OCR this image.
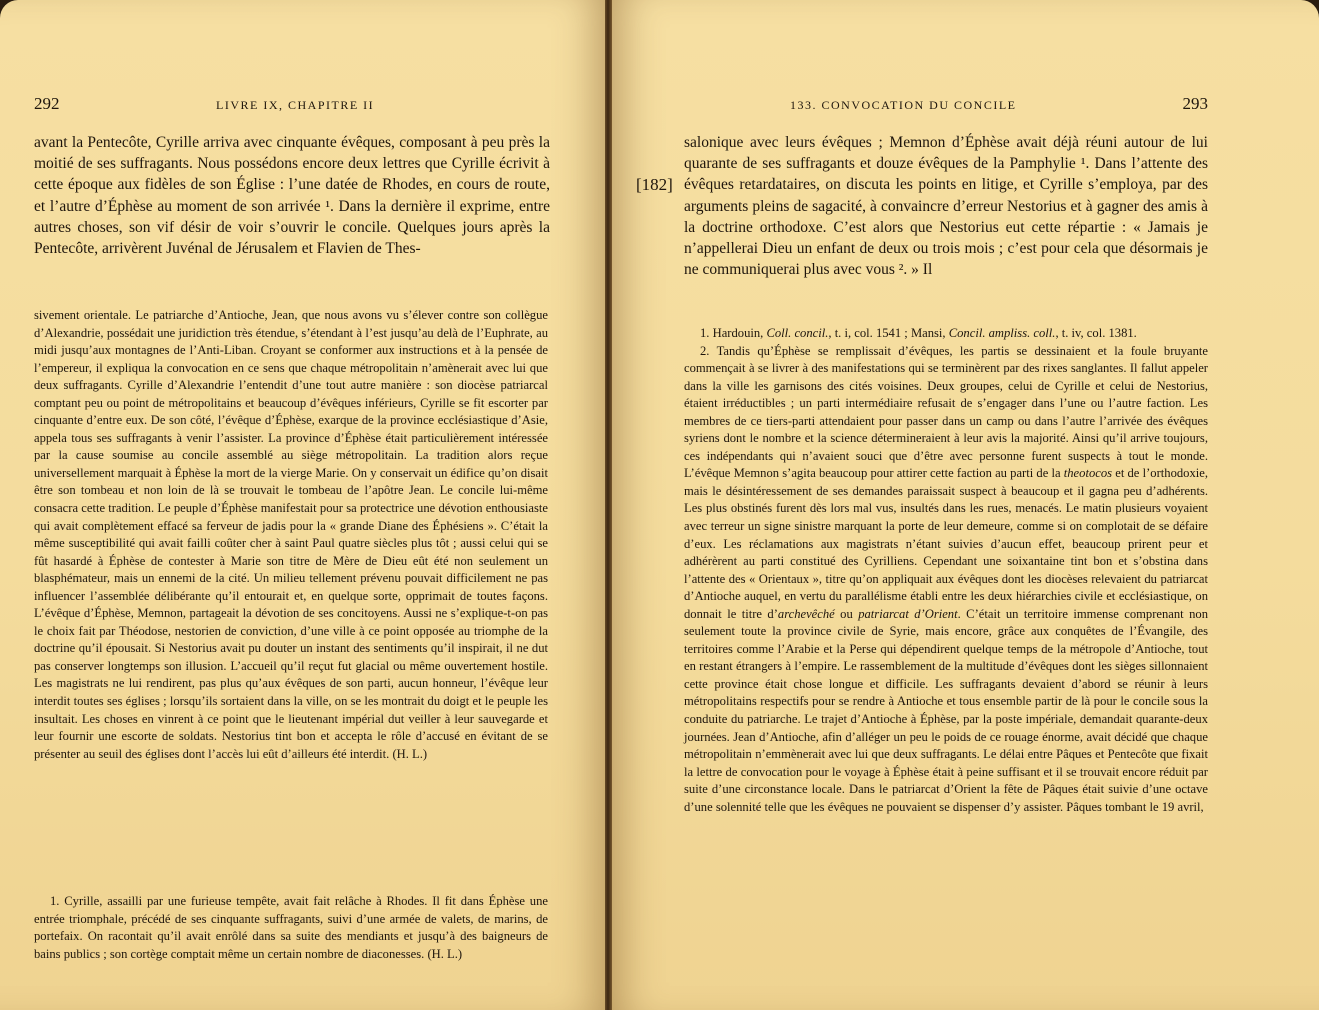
292	LIVRE IX, CHAPITRE II

avant la Pentecôte, Cyrille arriva avec cinquante évêques, composant à peu près la moitié de ses suffragants. Nous possédons encore deux lettres que Cyrille écrivit à cette époque aux fidèles de son Église : l’une datée de Rhodes, en cours de route, et l’autre d’Éphèse au moment de son arrivée ¹. Dans la dernière il exprime, entre autres choses, son vif désir de voir s’ouvrir le concile. Quelques jours après la Pentecôte, arrivèrent Juvénal de Jérusalem et Flavien de Thes-

sivement orientale. Le patriarche d’Antioche, Jean, que nous avons vu s’élever contre son collègue d’Alexandrie, possédait une juridiction très étendue, s’étendant à l’est jusqu’au delà de l’Euphrate, au midi jusqu’aux montagnes de l’Anti-Liban. Croyant se conformer aux instructions et à la pensée de l’empereur, il expliqua la convocation en ce sens que chaque métropolitain n’amènerait avec lui que deux suffragants. Cyrille d’Alexandrie l’entendit d’une tout autre manière : son diocèse patriarcal comptant peu ou point de métropolitains et beaucoup d’évêques inférieurs, Cyrille se fit escorter par cinquante d’entre eux. De son côté, l’évêque d’Éphèse, exarque de la province ecclésiastique d’Asie, appela tous ses suffragants à venir l’assister. La province d’Éphèse était particulièrement intéressée par la cause soumise au concile assemblé au siège métropolitain. La tradition alors reçue universellement marquait à Éphèse la mort de la vierge Marie. On y conservait un édifice qu’on disait être son tombeau et non loin de là se trouvait le tombeau de l’apôtre Jean. Le concile lui-même consacra cette tradition. Le peuple d’Éphèse manifestait pour sa protectrice une dévotion enthousiaste qui avait complètement effacé sa ferveur de jadis pour la « grande Diane des Éphésiens ». C’était la même susceptibilité qui avait failli coûter cher à saint Paul quatre siècles plus tôt ; aussi celui qui se fût hasardé à Éphèse de contester à Marie son titre de Mère de Dieu eût été non seulement un blasphémateur, mais un ennemi de la cité. Un milieu tellement prévenu pouvait difficilement ne pas influencer l’assemblée délibérante qu’il entourait et, en quelque sorte, opprimait de toutes façons. L’évêque d’Éphèse, Memnon, partageait la dévotion de ses concitoyens. Aussi ne s’explique-t-on pas le choix fait par Théodose, nestorien de conviction, d’une ville à ce point opposée au triomphe de la doctrine qu’il épousait. Si Nestorius avait pu douter un instant des sentiments qu’il inspirait, il ne dut pas conserver longtemps son illusion. L’accueil qu’il reçut fut glacial ou même ouvertement hostile. Les magistrats ne lui rendirent, pas plus qu’aux évêques de son parti, aucun honneur, l’évêque leur interdit toutes ses églises ; lorsqu’ils sortaient dans la ville, on se les montrait du doigt et le peuple les insultait. Les choses en vinrent à ce point que le lieutenant impérial dut veiller à leur sauvegarde et leur fournir une escorte de soldats. Nestorius tint bon et accepta le rôle d’accusé en évitant de se présenter au seuil des églises dont l’accès lui eût d’ailleurs été interdit. (H. L.)

1. Cyrille, assailli par une furieuse tempête, avait fait relâche à Rhodes. Il fit dans Éphèse une entrée triomphale, précédé de ses cinquante suffragants, suivi d’une armée de valets, de marins, de portefaix. On racontait qu’il avait enrôlé dans sa suite des mendiants et jusqu’à des baigneurs de bains publics ; son cortège comptait même un certain nombre de diaconesses. (H. L.)

133. CONVOCATION DU CONCILE	293
[182]

salonique avec leurs évêques ; Memnon d’Éphèse avait déjà réuni autour de lui quarante de ses suffragants et douze évêques de la Pamphylie ¹. Dans l’attente des évêques retardataires, on discuta les points en litige, et Cyrille s’employa, par des arguments pleins de sagacité, à convaincre d’erreur Nestorius et à gagner des amis à la doctrine orthodoxe. C’est alors que Nestorius eut cette répartie : « Jamais je n’appellerai Dieu un enfant de deux ou trois mois ; c’est pour cela que désormais je ne communiquerai plus avec vous ². » Il

1. Hardouin, Coll. concil., t. i, col. 1541 ; Mansi, Concil. ampliss. coll., t. iv, col. 1381.

2. Tandis qu’Éphèse se remplissait d’évêques, les partis se dessinaient et la foule bruyante commençait à se livrer à des manifestations qui se terminèrent par des rixes sanglantes. Il fallut appeler dans la ville les garnisons des cités voisines. Deux groupes, celui de Cyrille et celui de Nestorius, étaient irréductibles ; un parti intermédiaire refusait de s’engager dans l’une ou l’autre faction. Les membres de ce tiers-parti attendaient pour passer dans un camp ou dans l’autre l’arrivée des évêques syriens dont le nombre et la science détermineraient à leur avis la majorité. Ainsi qu’il arrive toujours, ces indépendants qui n’avaient souci que d’être avec personne furent suspects à tout le monde. L’évêque Memnon s’agita beaucoup pour attirer cette faction au parti de la theotocos et de l’orthodoxie, mais le désintéressement de ses demandes paraissait suspect à beaucoup et il gagna peu d’adhérents. Les plus obstinés furent dès lors mal vus, insultés dans les rues, menacés. Le matin plusieurs voyaient avec terreur un signe sinistre marquant la porte de leur demeure, comme si on complotait de se défaire d’eux. Les réclamations aux magistrats n’étant suivies d’aucun effet, beaucoup prirent peur et adhérèrent au parti constitué des Cyrilliens. Cependant une soixantaine tint bon et s’obstina dans l’attente des « Orientaux », titre qu’on appliquait aux évêques dont les diocèses relevaient du patriarcat d’Antioche auquel, en vertu du parallélisme établi entre les deux hiérarchies civile et ecclésiastique, on donnait le titre d’archevêché ou patriarcat d’Orient. C’était un territoire immense comprenant non seulement toute la province civile de Syrie, mais encore, grâce aux conquêtes de l’Évangile, des territoires comme l’Arabie et la Perse qui dépendirent quelque temps de la métropole d’Antioche, tout en restant étrangers à l’empire. Le rassemblement de la multitude d’évêques dont les sièges sillonnaient cette province était chose longue et difficile. Les suffragants devaient d’abord se réunir à leurs métropolitains respectifs pour se rendre à Antioche et tous ensemble partir de là pour le concile sous la conduite du patriarche. Le trajet d’Antioche à Éphèse, par la poste impériale, demandait quarante-deux journées. Jean d’Antioche, afin d’alléger un peu le poids de ce rouage énorme, avait décidé que chaque métropolitain n’emmènerait avec lui que deux suffragants. Le délai entre Pâques et Pentecôte que fixait la lettre de convocation pour le voyage à Éphèse était à peine suffisant et il se trouvait encore réduit par suite d’une circonstance locale. Dans le patriarcat d’Orient la fête de Pâques était suivie d’une octave d’une solennité telle que les évêques ne pouvaient se dispenser d’y assister. Pâques tombant le 19 avril,
